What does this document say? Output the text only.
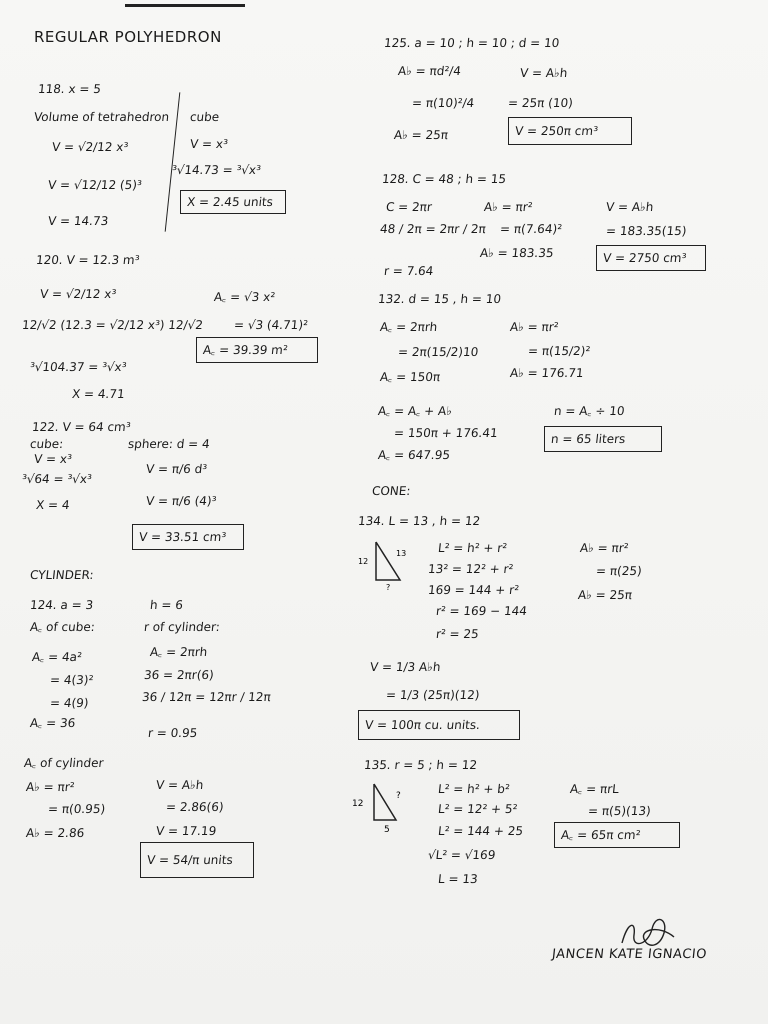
REGULAR POLYHEDRON
118. x = 5
Volume of tetrahedron cube
V = √2/12 x³	V = x³
³√14.73 = ³√x³
V = √12/12 (5)³
V = 14.73
120. V = 12.3 m³
V = √2/12 x³	A꜀ = √3 x²
12/√2 (12.3 = √2/12 x³) 12/√2 = √3 (4.71)²
³√104.37 = ³√x³
X = 4.71
122. V = 64 cm³
cube:	sphere: d = 4
V = x³
V = π/6 d³
³√64 = ³√x³
X = 4	V = π/6 (4)³
CYLINDER:
124. a = 3	h = 6
A꜀ of cube:	r of cylinder:
A꜀ = 4a²	A꜀ = 2πrh
= 4(3)²	36 = 2πr(6)
36 / 12π = 12πr / 12π
= 4(9)
A꜀ = 36
r = 0.95
A꜀ of cylinder
A♭ = πr²	V = A♭h
= π(0.95)	= 2.86(6)
A♭ = 2.86	V = 17.19
125. a = 10 ; h = 10 ; d = 10
A♭ = πd²/4	V = A♭h
= π(10)²/4	= 25π (10)
A♭ = 25π
128. C = 48 ; h = 15
C = 2πr	A♭ = πr²	V = A♭h
48 / 2π = 2πr / 2π = π(7.64)²	= 183.35(15)
A♭ = 183.35
r = 7.64
132. d = 15 , h = 10
A꜀ = 2πrh	A♭ = πr²
= 2π(15/2)10	= π(15/2)²
A꜀ = 150π	A♭ = 176.71
A꜀ = A꜀ + A♭	n = A꜀ ÷ 10
= 150π + 176.41
A꜀ = 647.95
CONE:
134. L = 13 , h = 12
L² = h² + r²	A♭ = πr²
13² = 12² + r²	= π(25)
169 = 144 + r²	A♭ = 25π
r² = 169 − 144
r² = 25
V = 1/3 A♭h
= 1/3 (25π)(12)
135. r = 5 ; h = 12
L² = h² + b²	A꜀ = πrL
L² = 12² + 5²	= π(5)(13)
L² = 144 + 25
√L² = √169
L = 13
X = 2.45 units
A꜀ = 39.39 m²
V = 33.51 cm³
V = 54/π units
V = 250π cm³
V = 2750 cm³
n = 65 liters
V = 100π cu. units.
A꜀ = 65π cm²
12
13
?
12
?
5
JANCEN KATE IGNACIO
